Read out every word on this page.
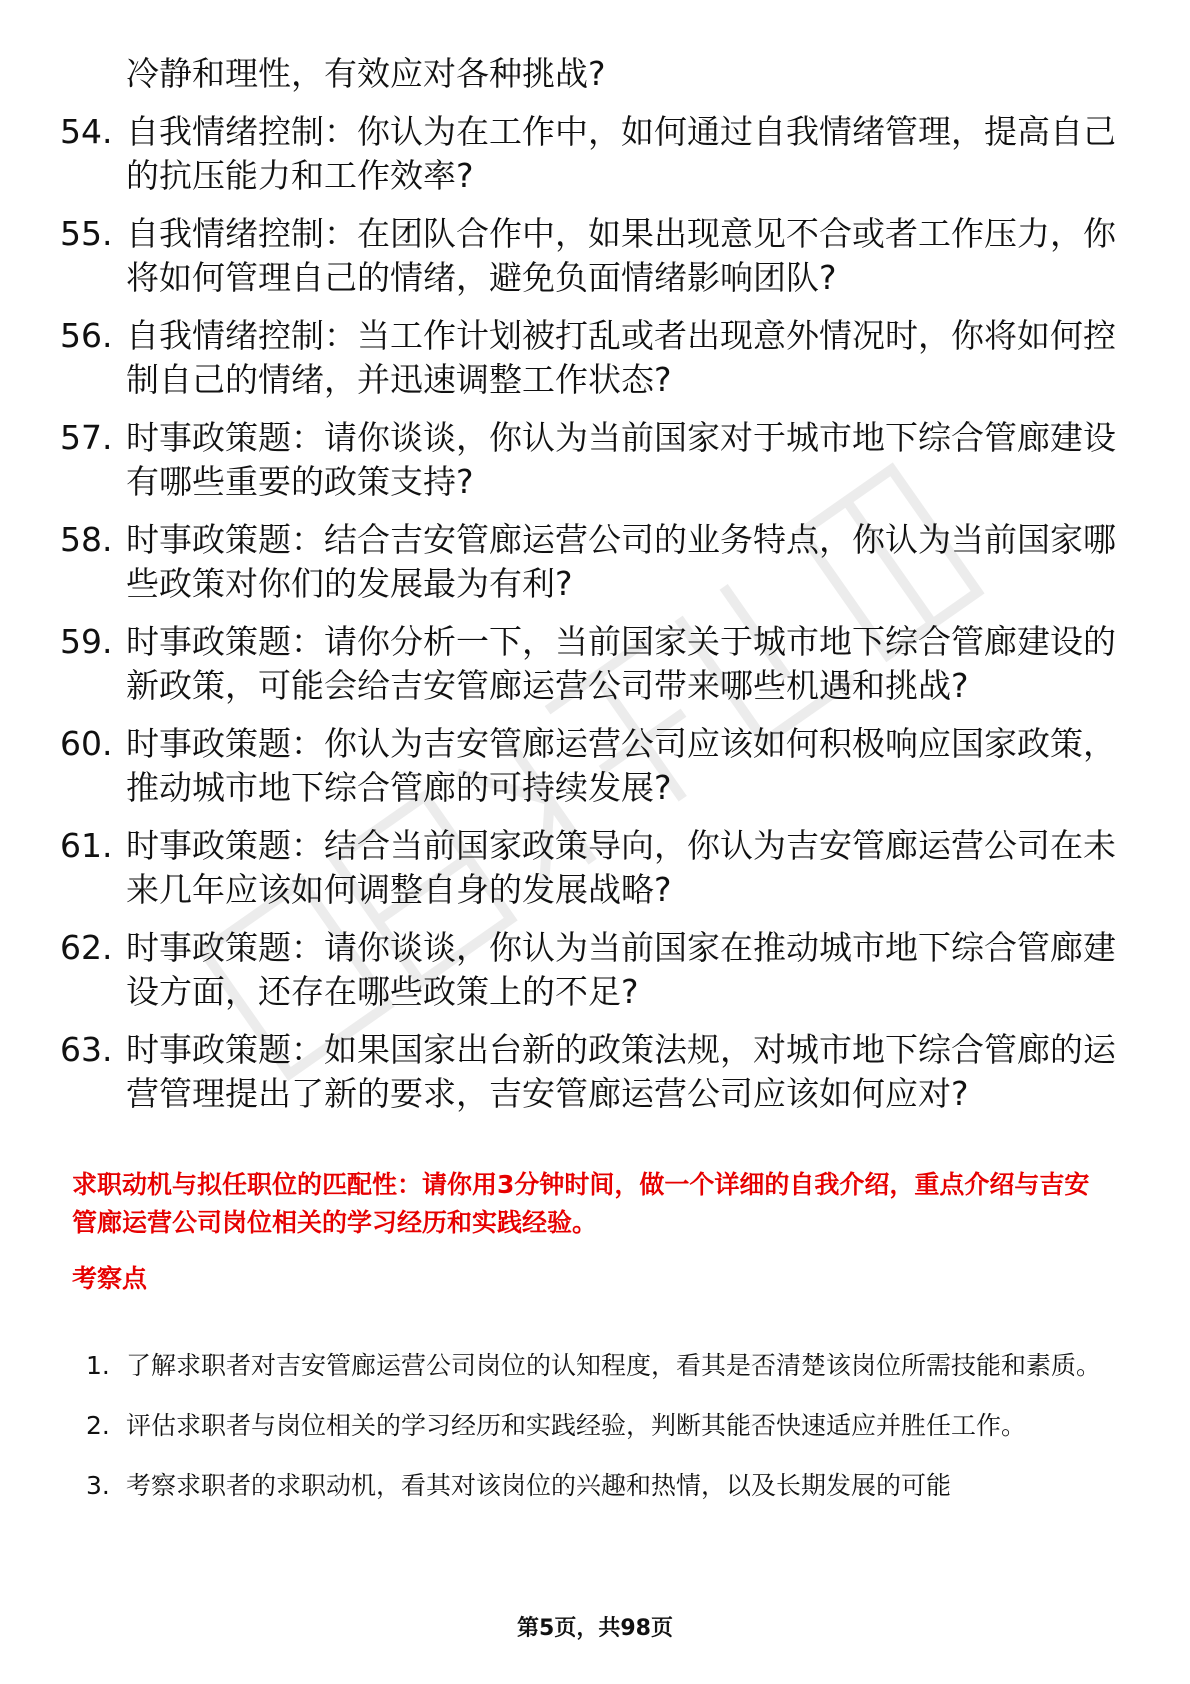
冷静和理性，有效应对各种挑战?
54. 自我情绪控制：你认为在工作中，如何通过自我情绪管理，提高自己的抗压能力和工作效率?
55. 自我情绪控制：在团队合作中，如果出现意见不合或者工作压力，你将如何管理自己的情绪，避免负面情绪影响团队?
56. 自我情绪控制：当工作计划被打乱或者出现意外情况时，你将如何控制自己的情绪，并迅速调整工作状态?
57. 时事政策题：请你谈谈，你认为当前国家对于城市地下综合管廊建设有哪些重要的政策支持?
58. 时事政策题：结合吉安管廊运营公司的业务特点，你认为当前国家哪些政策对你们的发展最为有利?
59. 时事政策题：请你分析一下，当前国家关于城市地下综合管廊建设的新政策，可能会给吉安管廊运营公司带来哪些机遇和挑战?
60. 时事政策题：你认为吉安管廊运营公司应该如何积极响应国家政策，推动城市地下综合管廊的可持续发展?
61. 时事政策题：结合当前国家政策导向，你认为吉安管廊运营公司在未来几年应该如何调整自身的发展战略?
62. 时事政策题：请你谈谈，你认为当前国家在推动城市地下综合管廊建设方面，还存在哪些政策上的不足?
63. 时事政策题：如果国家出台新的政策法规，对城市地下综合管廊的运营管理提出了新的要求，吉安管廊运营公司应该如何应对?
求职动机与拟任职位的匹配性：请你用3分钟时间，做一个详细的自我介绍，重点介绍与吉安管廊运营公司岗位相关的学习经历和实践经验。
考察点
1. 了解求职者对吉安管廊运营公司岗位的认知程度，看其是否清楚该岗位所需技能和素质。
2. 评估求职者与岗位相关的学习经历和实践经验，判断其能否快速适应并胜任工作。
3. 考察求职者的求职动机，看其对该岗位的兴趣和热情，以及长期发展的可能
第5页，共98页
